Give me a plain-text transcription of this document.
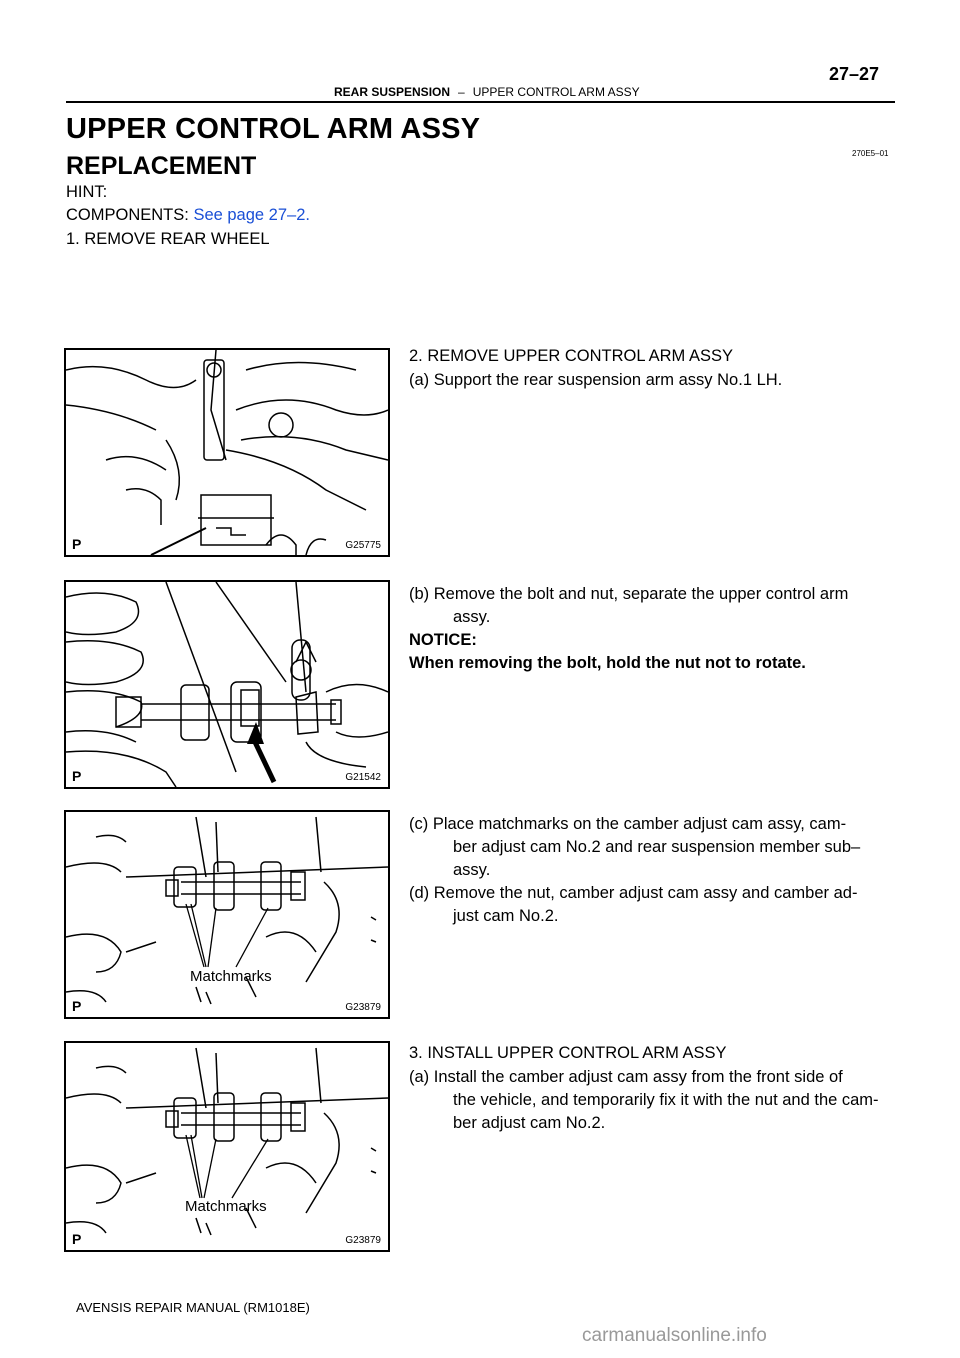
27–27
REAR SUSPENSION – UPPER CONTROL ARM ASSY
UPPER CONTROL ARM ASSY
REPLACEMENT	270E5–01
HINT:
COMPONENTS: See page 27–2.
1. REMOVE REAR WHEEL
2. REMOVE UPPER CONTROL ARM ASSY
(a) Support the rear suspension arm assy No.1 LH.
(b) Remove the bolt and nut, separate the upper control arm
assy.
NOTICE:
When removing the bolt, hold the nut not to rotate.
(c) Place matchmarks on the camber adjust cam assy, cam-
ber adjust cam No.2 and rear suspension member sub–
assy.
(d) Remove the nut, camber adjust cam assy and camber ad-
just cam No.2.
3. INSTALL UPPER CONTROL ARM ASSY
(a) Install the camber adjust cam assy from the front side of
the vehicle, and temporarily fix it with the nut and the cam-
ber adjust cam No.2.
P	G25775
P	G21542
Matchmarks
P	G23879
Matchmarks
P	G23879
AVENSIS REPAIR MANUAL (RM1018E)
carmanualsonline.info
